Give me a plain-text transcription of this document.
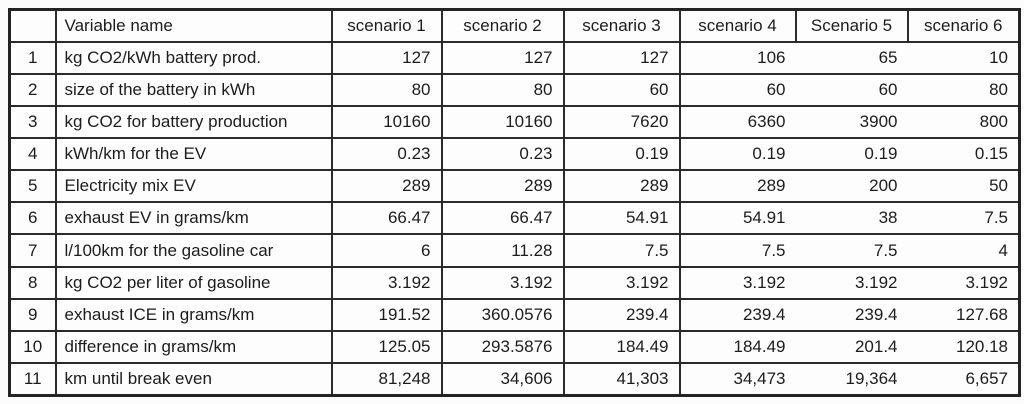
	Variable name	scenario 1	scenario 2	scenario 3	scenario 4	Scenario 5	scenario 6
1	kg CO2/kWh battery prod.	127	127	127	106	65	10
2	size of the battery in kWh	80	80	60	60	60	80
3	kg CO2 for battery production	10160	10160	7620	6360	3900	800
4	kWh/km for the EV	0.23	0.23	0.19	0.19	0.19	0.15
5	Electricity mix EV	289	289	289	289	200	50
6	exhaust EV in grams/km	66.47	66.47	54.91	54.91	38	7.5
7	l/100km for the gasoline car	6	11.28	7.5	7.5	7.5	4
8	kg CO2 per liter of gasoline	3.192	3.192	3.192	3.192	3.192	3.192
9	exhaust ICE in grams/km	191.52	360.0576	239.4	239.4	239.4	127.68
10	difference in grams/km	125.05	293.5876	184.49	184.49	201.4	120.18
11	km until break even	81,248	34,606	41,303	34,473	19,364	6,657
